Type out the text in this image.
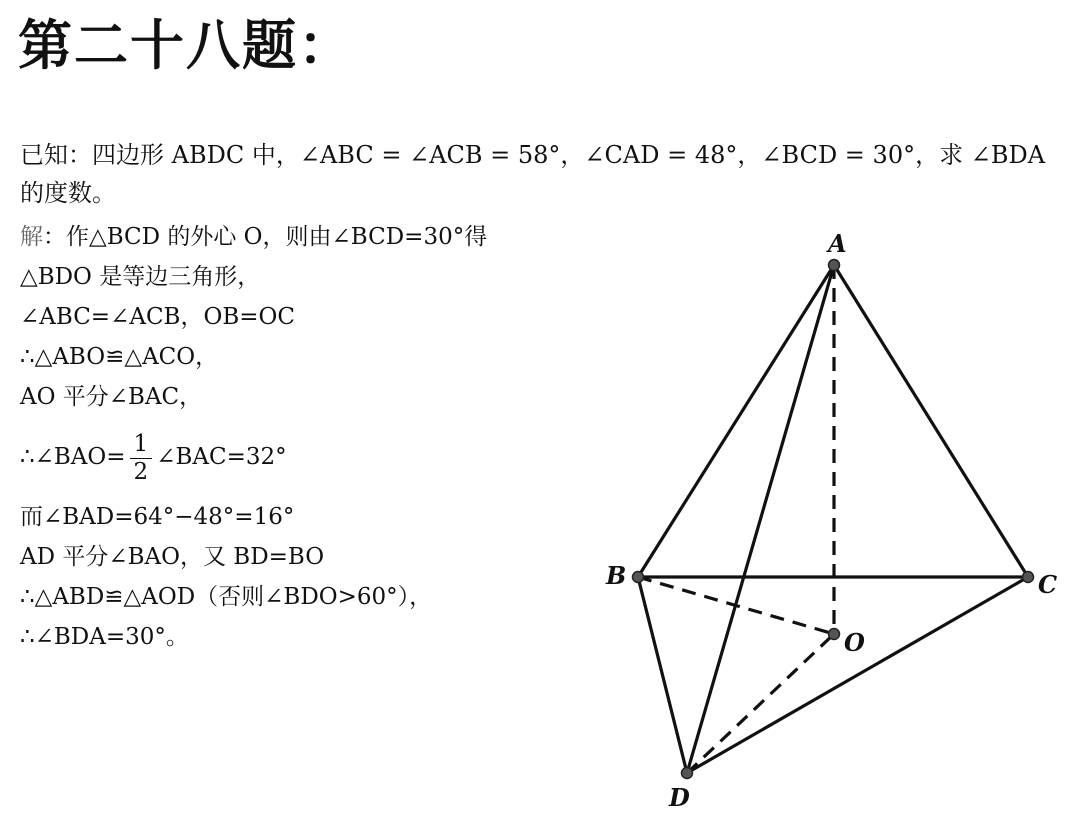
第二十八题：
已知：四边形 ABDC 中，∠ABC = ∠ACB = 58°，∠CAD = 48°，∠BCD = 30°，求 ∠BDA 的度数。
解：作△BCD 的外心 O，则由∠BCD=30°得
△BDO 是等边三角形，
∠ABC=∠ACB，OB=OC
∴△ABO≌△ACO，
AO 平分∠BAC，
∴∠BAO= $\frac{1}{2}$ ∠BAC=32°
而∠BAD=64°−48°=16°
AD 平分∠BAO，又 BD=BO
∴△ABD≌△AOD（否则∠BDO>60°），
∴∠BDA=30°。
A
B	C
D
O
